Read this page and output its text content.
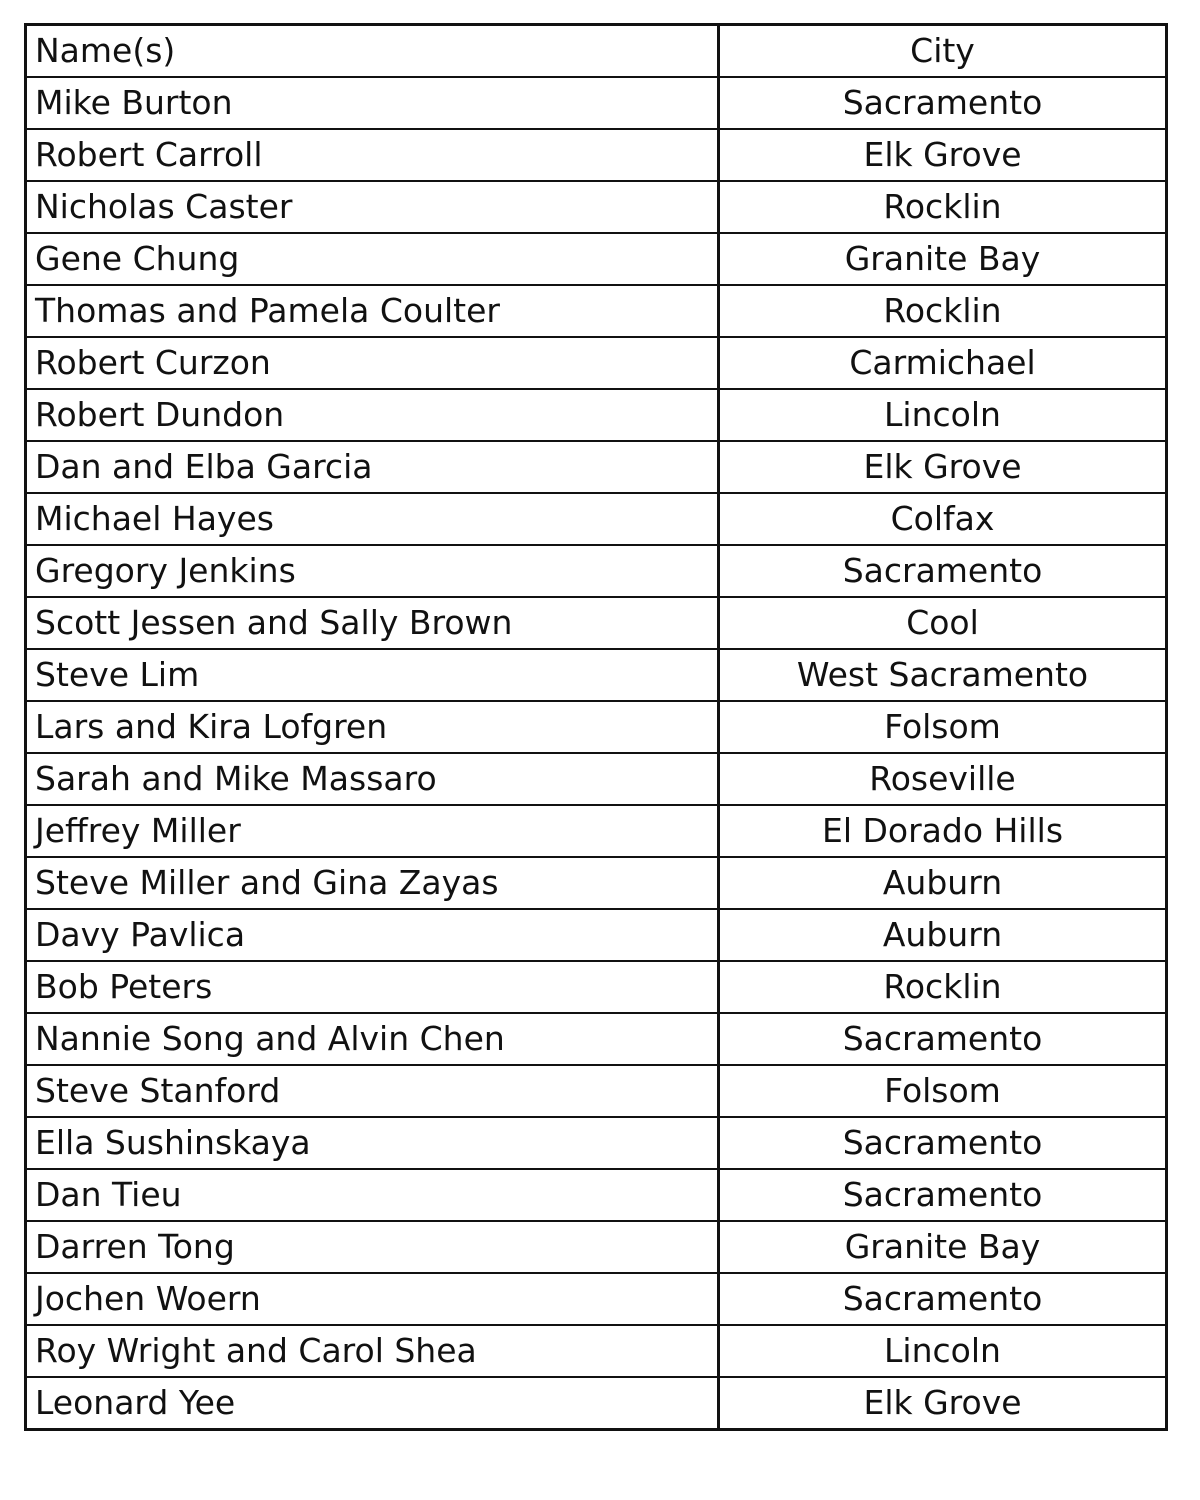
Name(s)	City
Mike Burton	Sacramento
Robert Carroll	Elk Grove
Nicholas Caster	Rocklin
Gene Chung	Granite Bay
Thomas and Pamela Coulter	Rocklin
Robert Curzon	Carmichael
Robert Dundon	Lincoln
Dan and Elba Garcia	Elk Grove
Michael Hayes	Colfax
Gregory Jenkins	Sacramento
Scott Jessen and Sally Brown	Cool
Steve Lim	West Sacramento
Lars and Kira Lofgren	Folsom
Sarah and Mike Massaro	Roseville
Jeffrey Miller	El Dorado Hills
Steve Miller and Gina Zayas	Auburn
Davy Pavlica	Auburn
Bob Peters	Rocklin
Nannie Song and Alvin Chen	Sacramento
Steve Stanford	Folsom
Ella Sushinskaya	Sacramento
Dan Tieu	Sacramento
Darren Tong	Granite Bay
Jochen Woern	Sacramento
Roy Wright and Carol Shea	Lincoln
Leonard Yee	Elk Grove
